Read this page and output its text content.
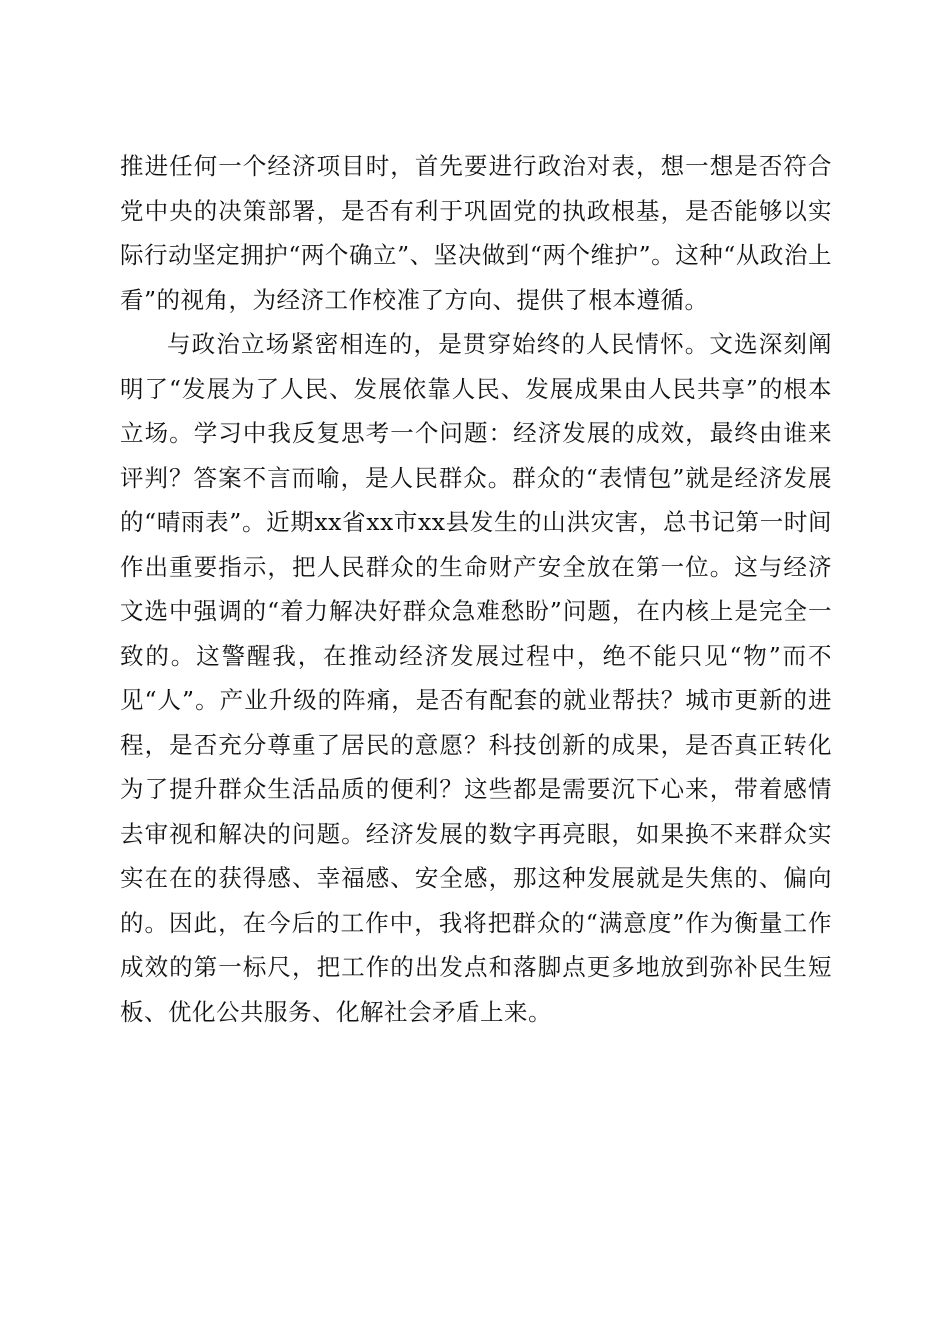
推进任何一个经济项目时，首先要进行政治对表，想一想是否符合党中央的决策部署，是否有利于巩固党的执政根基，是否能够以实际行动坚定拥护“两个确立”、坚决做到“两个维护”。这种“从政治上看”的视角，为经济工作校准了方向、提供了根本遵循。

与政治立场紧密相连的，是贯穿始终的人民情怀。文选深刻阐明了“发展为了人民、发展依靠人民、发展成果由人民共享”的根本立场。学习中我反复思考一个问题：经济发展的成效，最终由谁来评判？答案不言而喻，是人民群众。群众的“表情包”就是经济发展的“晴雨表”。近期xx省xx市xx县发生的山洪灾害，总书记第一时间作出重要指示，把人民群众的生命财产安全放在第一位。这与经济文选中强调的“着力解决好群众急难愁盼”问题，在内核上是完全一致的。这警醒我，在推动经济发展过程中，绝不能只见“物”而不见“人”。产业升级的阵痛，是否有配套的就业帮扶？城市更新的进程，是否充分尊重了居民的意愿？科技创新的成果，是否真正转化为了提升群众生活品质的便利？这些都是需要沉下心来，带着感情去审视和解决的问题。经济发展的数字再亮眼，如果换不来群众实实在在的获得感、幸福感、安全感，那这种发展就是失焦的、偏向的。因此，在今后的工作中，我将把群众的“满意度”作为衡量工作成效的第一标尺，把工作的出发点和落脚点更多地放到弥补民生短板、优化公共服务、化解社会矛盾上来。
